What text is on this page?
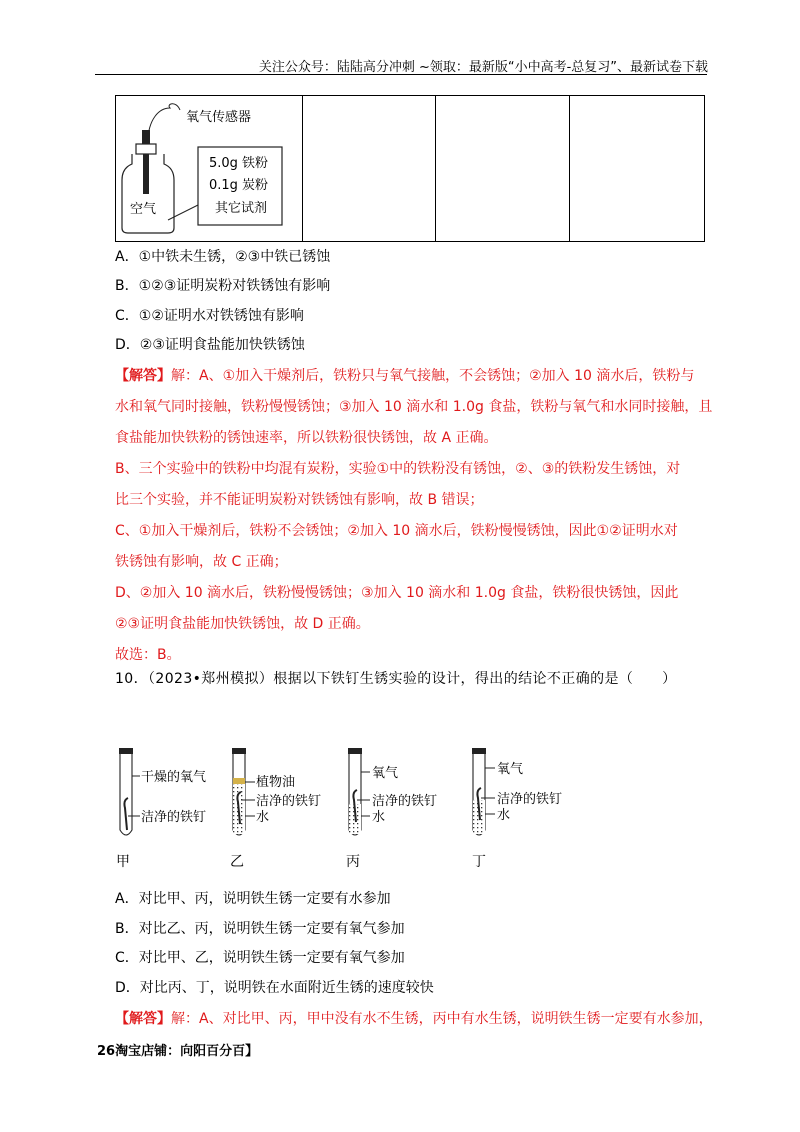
关注公众号：陆陆高分冲刺 ~领取：最新版“小中高考-总复习”、最新试卷下载
氧气传感器
5.0g 铁粉
0.1g 炭粉
其它试剂
空气
A．①中铁未生锈，②③中铁已锈蚀
B．①②③证明炭粉对铁锈蚀有影响
C．①②证明水对铁锈蚀有影响
D．②③证明食盐能加快铁锈蚀
【解答】解：A、①加入干燥剂后，铁粉只与氧气接触，不会锈蚀；②加入 10 滴水后，铁粉与
水和氧气同时接触，铁粉慢慢锈蚀；③加入 10 滴水和 1.0g 食盐，铁粉与氧气和水同时接触，且
食盐能加快铁粉的锈蚀速率，所以铁粉很快锈蚀，故 A 正确。
B、三个实验中的铁粉中均混有炭粉，实验①中的铁粉没有锈蚀，②、③的铁粉发生锈蚀，对
比三个实验，并不能证明炭粉对铁锈蚀有影响，故 B 错误；
C、①加入干燥剂后，铁粉不会锈蚀；②加入 10 滴水后，铁粉慢慢锈蚀，因此①②证明水对
铁锈蚀有影响，故 C 正确；
D、②加入 10 滴水后，铁粉慢慢锈蚀；③加入 10 滴水和 1.0g 食盐，铁粉很快锈蚀，因此
②③证明食盐能加快铁锈蚀，故 D 正确。
故选：B。
10．（2023•郑州模拟）根据以下铁钉生锈实验的设计，得出的结论不正确的是（　　）
干燥的氧气
洁净的铁钉
甲
植物油
洁净的铁钉
水
乙
氧气
洁净的铁钉
水
丙
氧气
洁净的铁钉
水
丁
A．对比甲、丙，说明铁生锈一定要有水参加
B．对比乙、丙，说明铁生锈一定要有氧气参加
C．对比甲、乙，说明铁生锈一定要有氧气参加
D．对比丙、丁，说明铁在水面附近生锈的速度较快
【解答】解：A、对比甲、丙，甲中没有水不生锈，丙中有水生锈，说明铁生锈一定要有水参加，
26淘宝店铺：向阳百分百】
